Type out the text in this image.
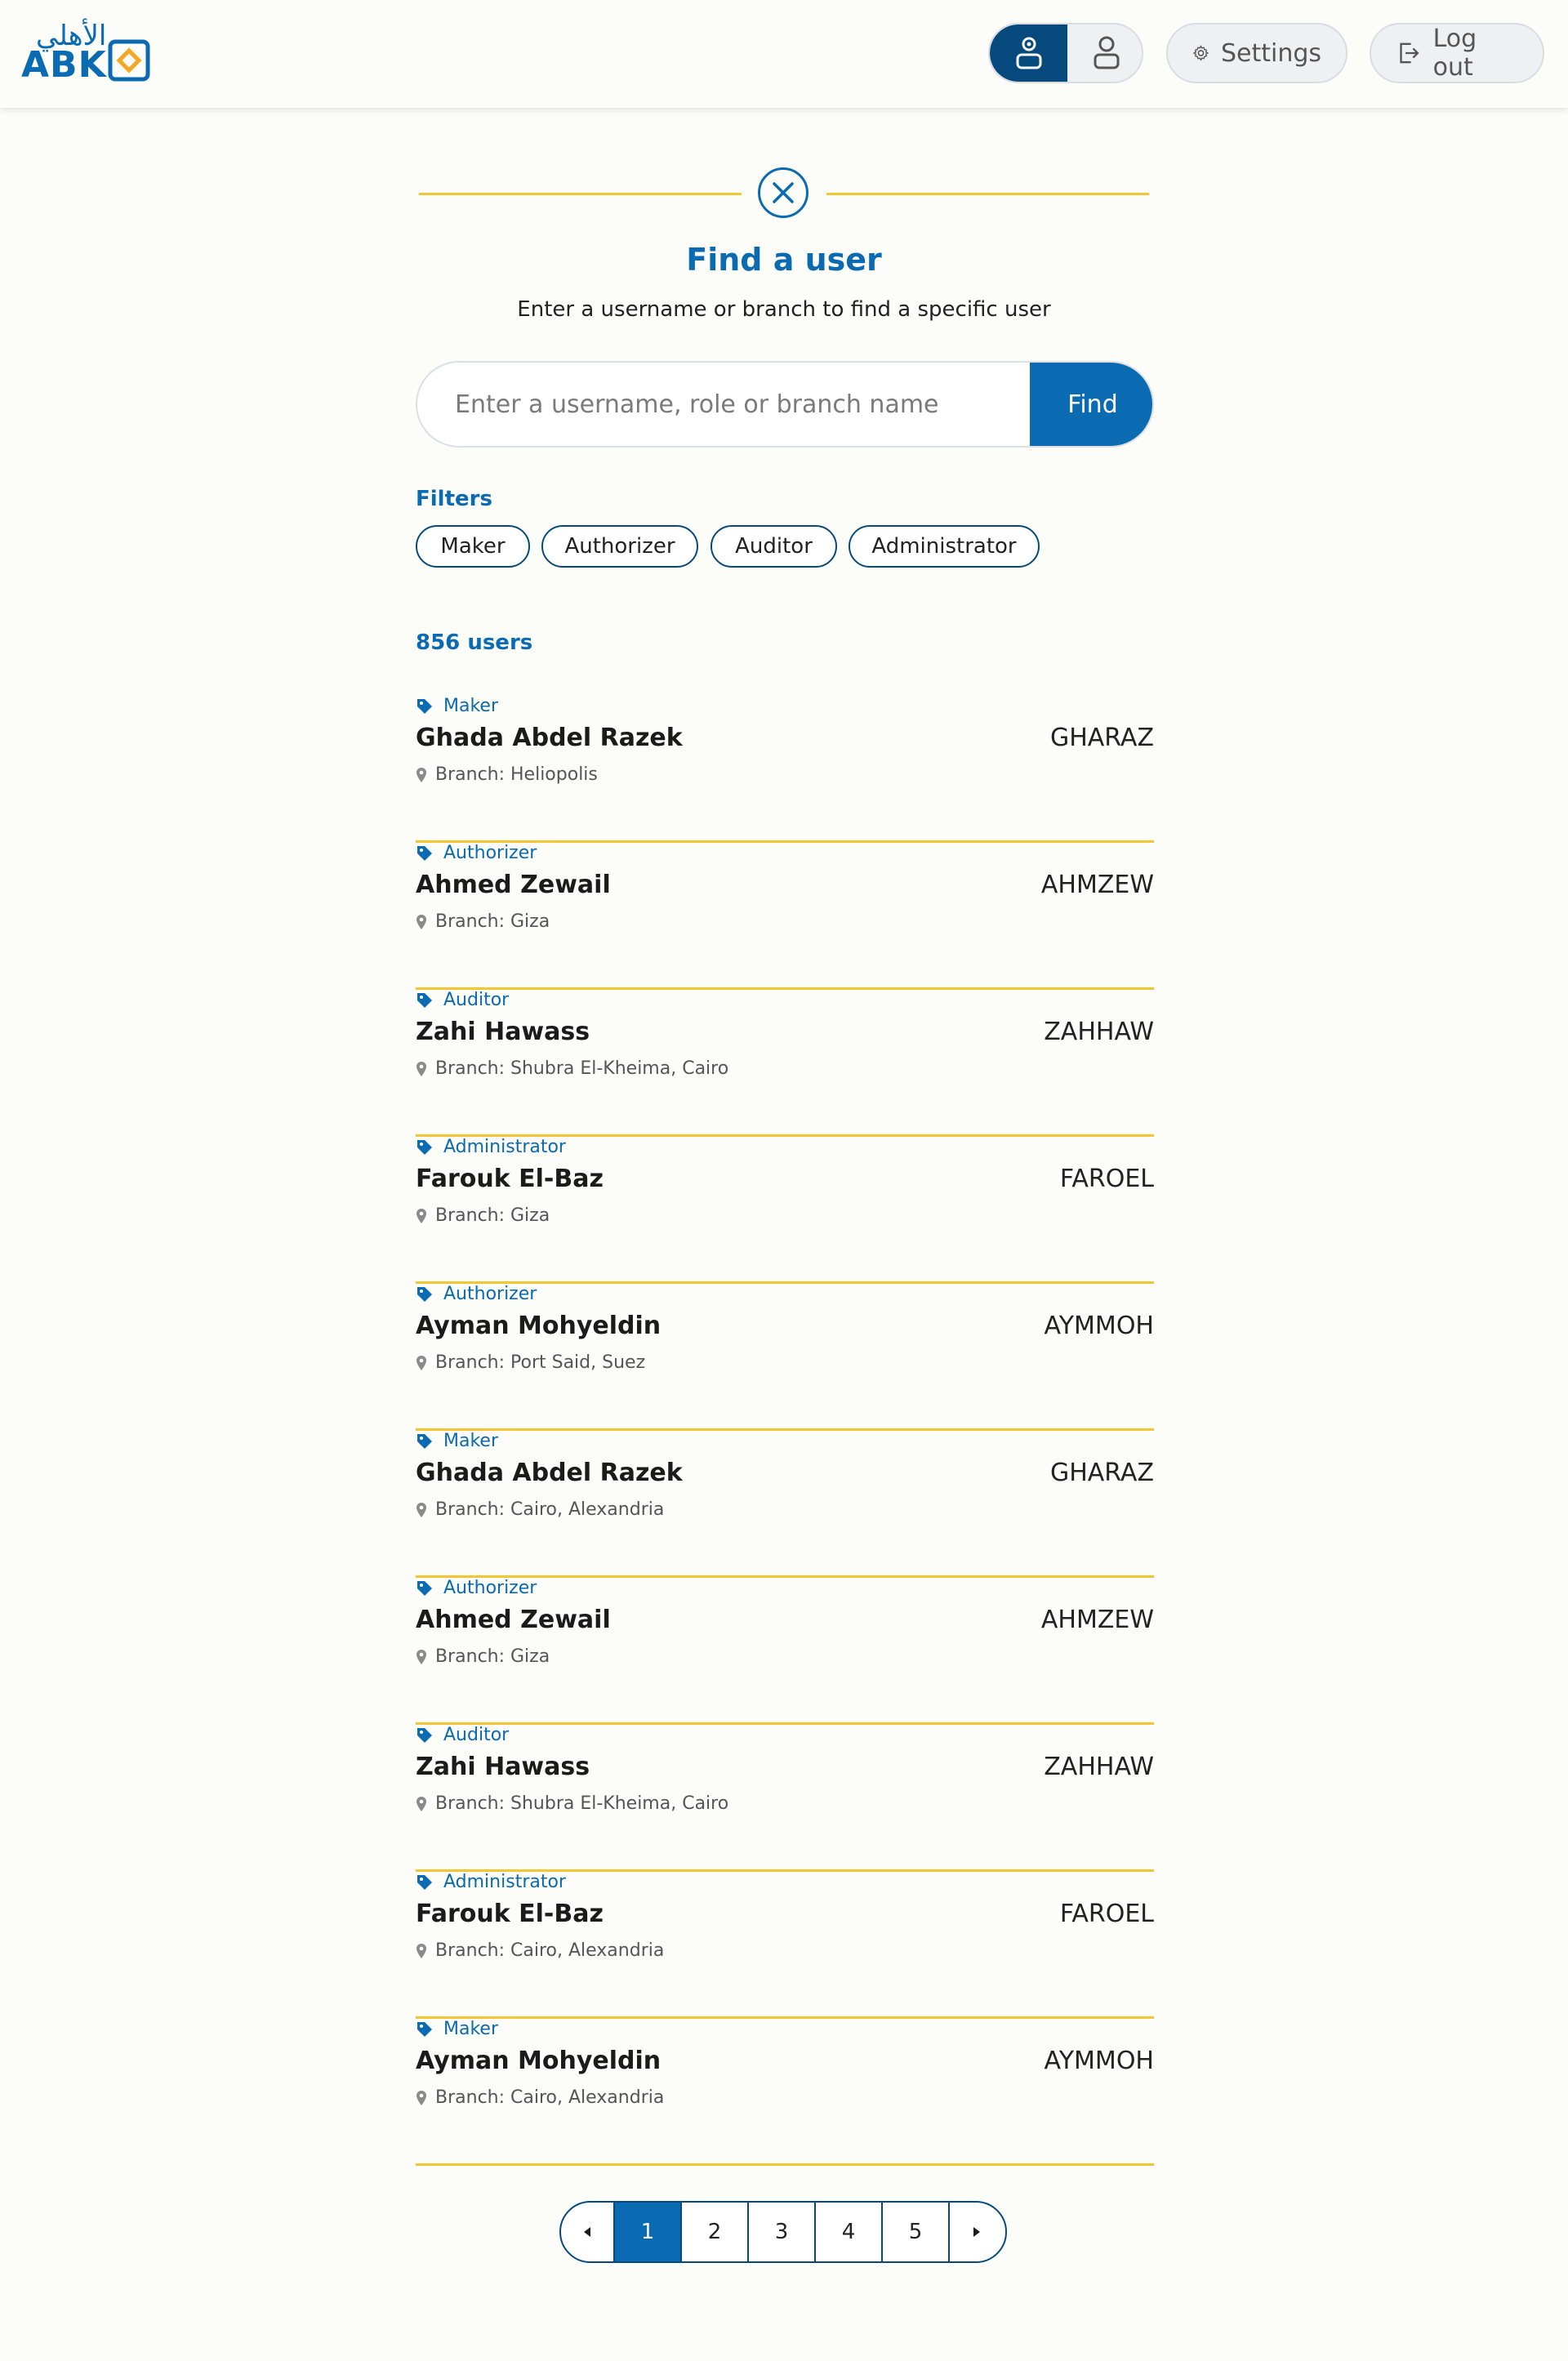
الأهلي
ABK	Settings	Log out
Find a user
Enter a username or branch to find a specific user
Enter a username, role or branch name
Find
Filters
Maker	Authorizer	Auditor	Administrator
856 users
Maker
Ghada Abdel Razek
Branch: Heliopolis
GHARAZ
Authorizer
Ahmed Zewail
Branch: Giza
AHMZEW
Auditor
Zahi Hawass
Branch: Shubra El-Kheima, Cairo
ZAHHAW
Administrator
Farouk El-Baz
Branch: Giza
FAROEL
Authorizer
Ayman Mohyeldin
Branch: Port Said, Suez
AYMMOH
Maker
Ghada Abdel Razek
Branch: Cairo, Alexandria
GHARAZ
Authorizer
Ahmed Zewail
Branch: Giza
AHMZEW
Auditor
Zahi Hawass
Branch: Shubra El-Kheima, Cairo
ZAHHAW
Administrator
Farouk El-Baz
Branch: Cairo, Alexandria
FAROEL
Maker
Ayman Mohyeldin
Branch: Cairo, Alexandria
AYMMOH
1	2	3	4	5
